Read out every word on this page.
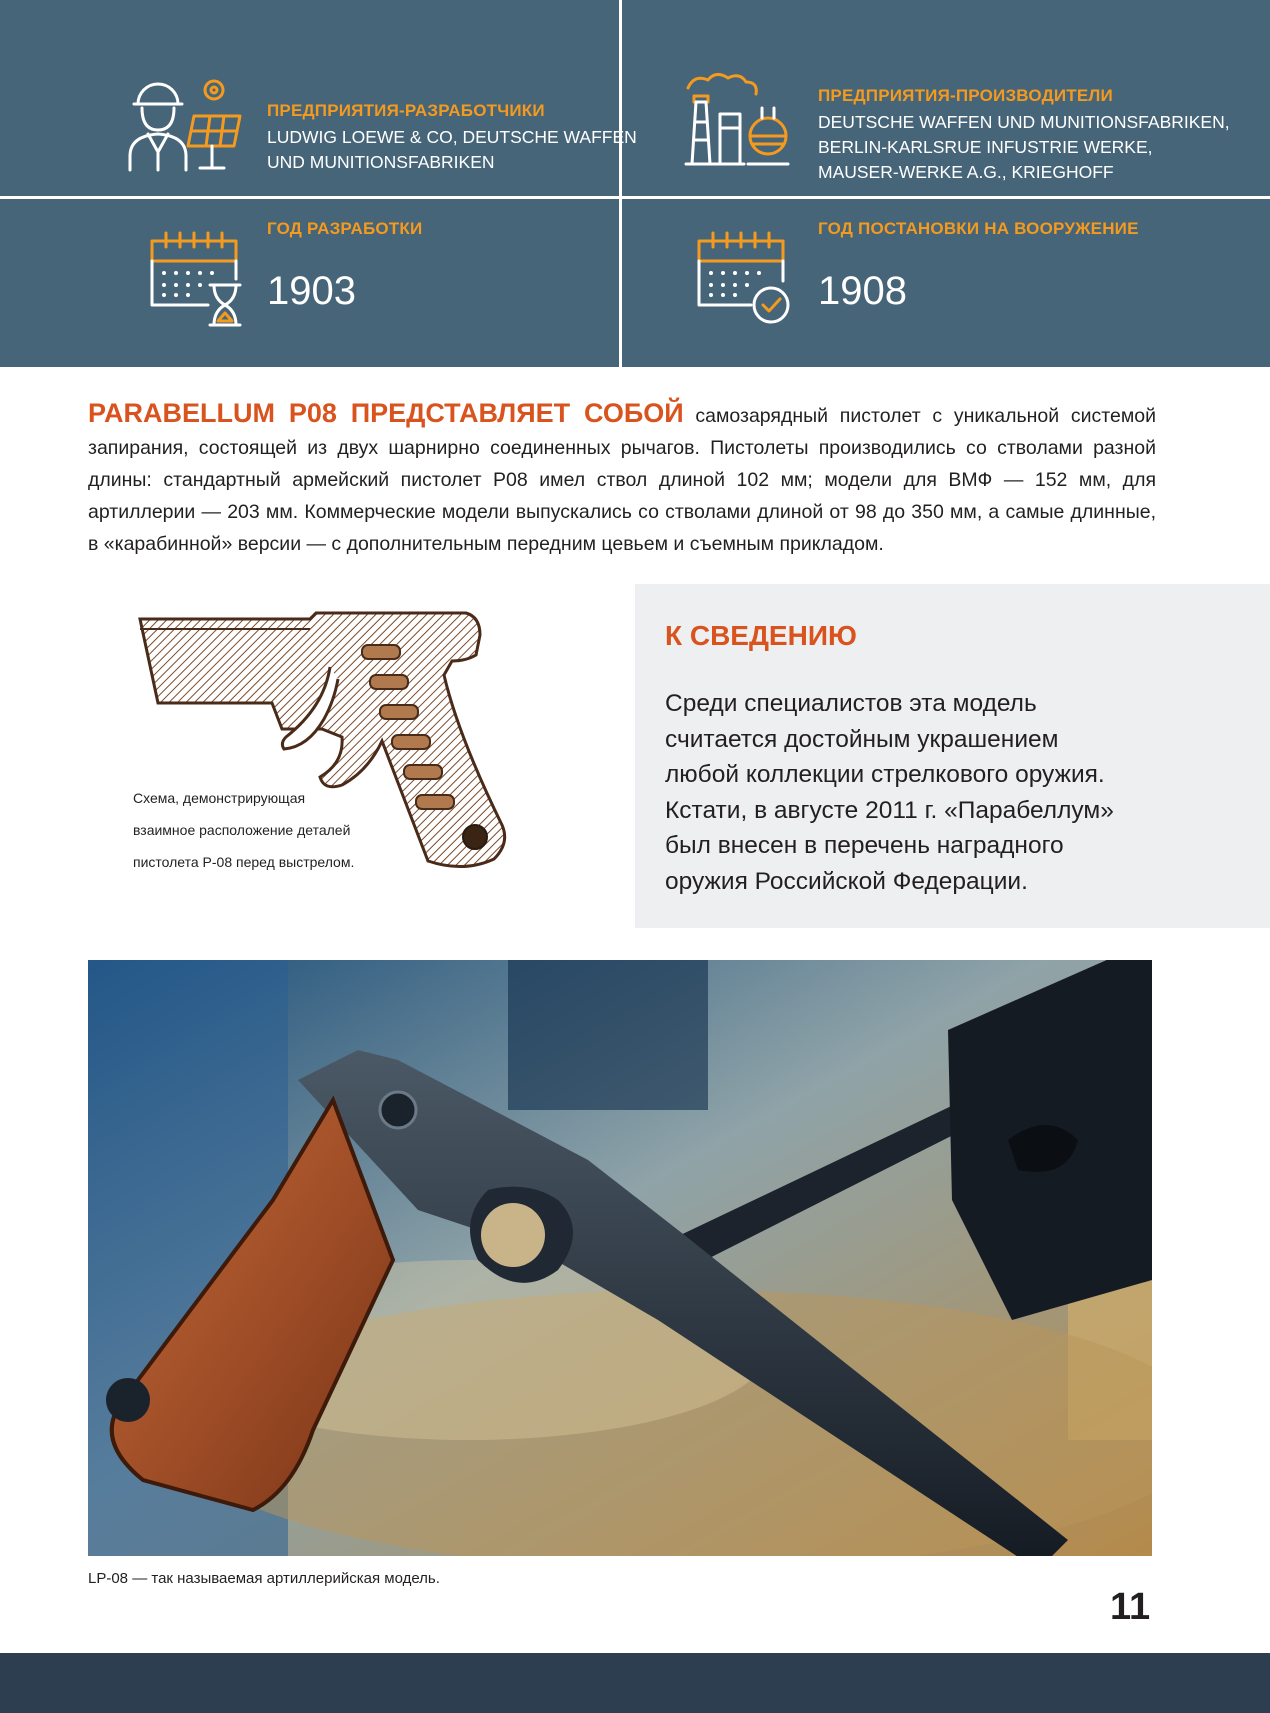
ПРЕДПРИЯТИЯ-РАЗРАБОТЧИКИ
LUDWIG LOEWE & CO, DEUTSCHE WAFFEN
UND MUNITIONSFABRIKEN
ПРЕДПРИЯТИЯ-ПРОИЗВОДИТЕЛИ
DEUTSCHE WAFFEN UND MUNITIONSFABRIKEN,
BERLIN-KARLSRUE INFUSTRIE WERKE,
MAUSER-WERKE A.G., KRIEGHOFF
ГОД РАЗРАБОТКИ
1903
ГОД ПОСТАНОВКИ НА ВООРУЖЕНИЕ
1908
PARABELLUM P08 ПРЕДСТАВЛЯЕТ СОБОЙ самозарядный пистолет с уникальной системой запирания, состоящей из двух шарнирно соединенных рычагов. Пистолеты производились со стволами разной длины: стандартный армейский пистолет Р08 имел ствол длиной 102 мм; модели для ВМФ — 152 мм, для артиллерии — 203 мм. Коммерческие модели выпускались со стволами длиной от 98 до 350 мм, а самые длинные, в «карабинной» версии — с дополнительным передним цевьем и съемным прикладом.
Схема, демонстрирующая
взаимное расположение деталей
пистолета Р-08 перед выстрелом.
К СВЕДЕНИЮ
Среди специалистов эта модель считается достойным украшением любой коллекции стрелкового оружия. Кстати, в августе 2011 г. «Парабеллум» был внесен в перечень наградного оружия Российской Федерации.
LP-08 — так называемая артиллерийская модель.
11
